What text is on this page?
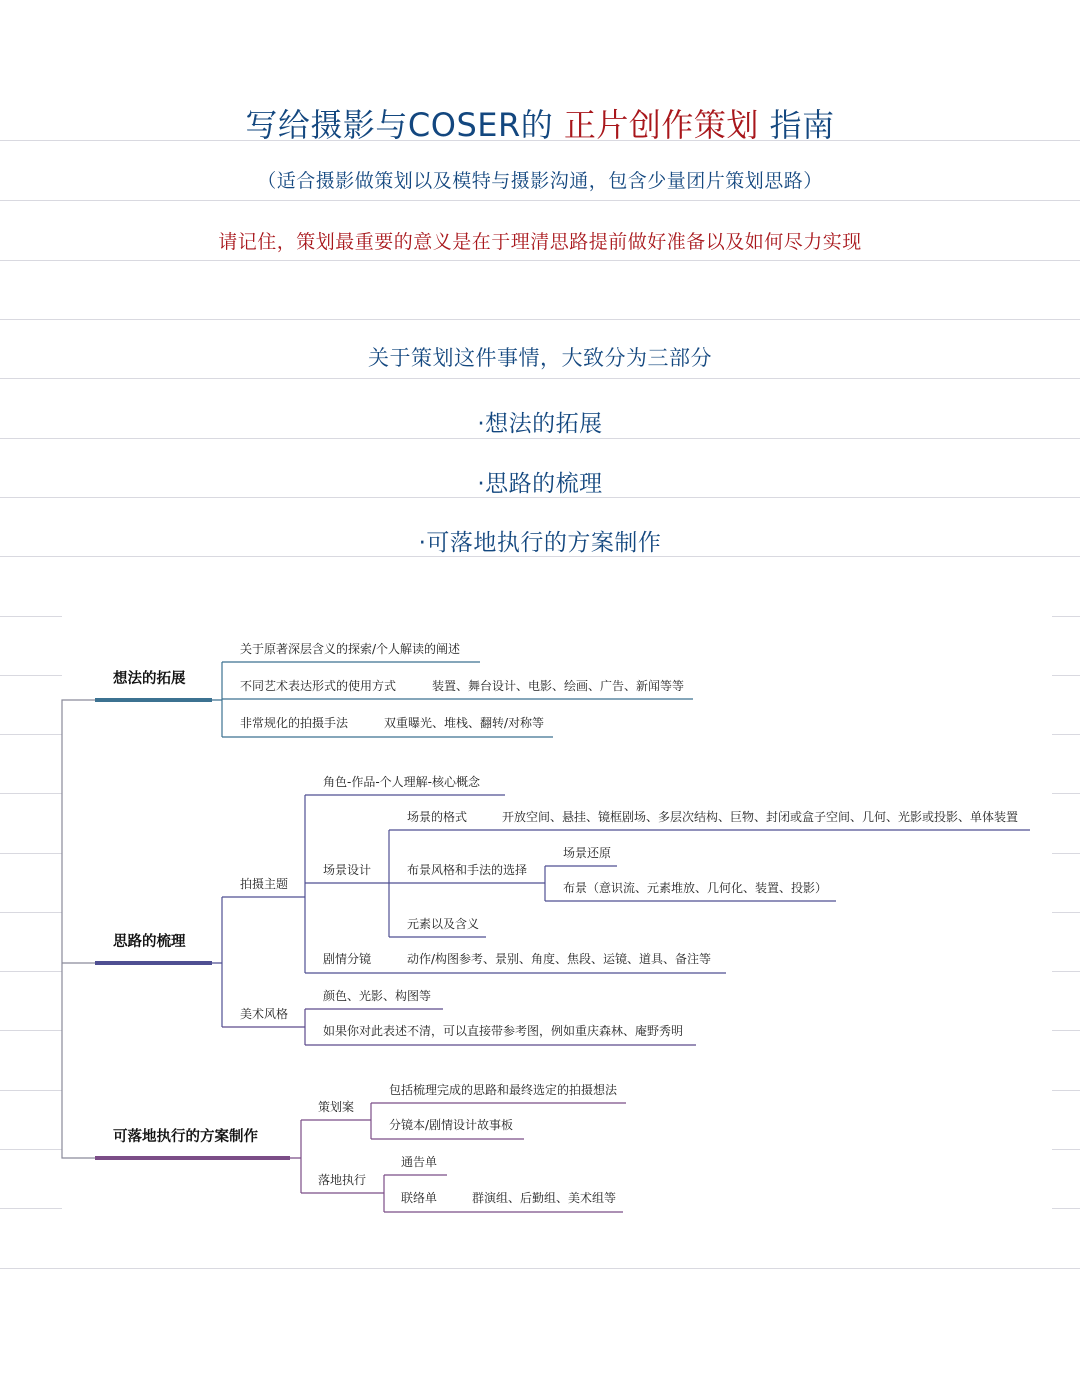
写给摄影与COSER的 正片创作策划 指南
（适合摄影做策划以及模特与摄影沟通，包含少量团片策划思路）
请记住，策划最重要的意义是在于理清思路提前做好准备以及如何尽力实现
关于策划这件事情，大致分为三部分
·想法的拓展
·思路的梳理
·可落地执行的方案制作
想法的拓展
关于原著深层含义的探索/个人解读的阐述
不同艺术表达形式的使用方式	装置、舞台设计、电影、绘画、广告、新闻等等
非常规化的拍摄手法	双重曝光、堆栈、翻转/对称等
思路的梳理
拍摄主题
角色-作品-个人理解-核心概念
场景设计
场景的格式	开放空间、悬挂、镜框剧场、多层次结构、巨物、封闭或盒子空间、几何、光影或投影、单体装置
布景风格和手法的选择
场景还原
布景（意识流、元素堆放、几何化、装置、投影）
元素以及含义
剧情分镜	动作/构图参考、景别、角度、焦段、运镜、道具、备注等
美术风格
颜色、光影、构图等
如果你对此表述不清，可以直接带参考图，例如重庆森林、庵野秀明
可落地执行的方案制作
策划案
包括梳理完成的思路和最终选定的拍摄想法
分镜本/剧情设计故事板
落地执行
通告单
联络单	群演组、后勤组、美术组等
